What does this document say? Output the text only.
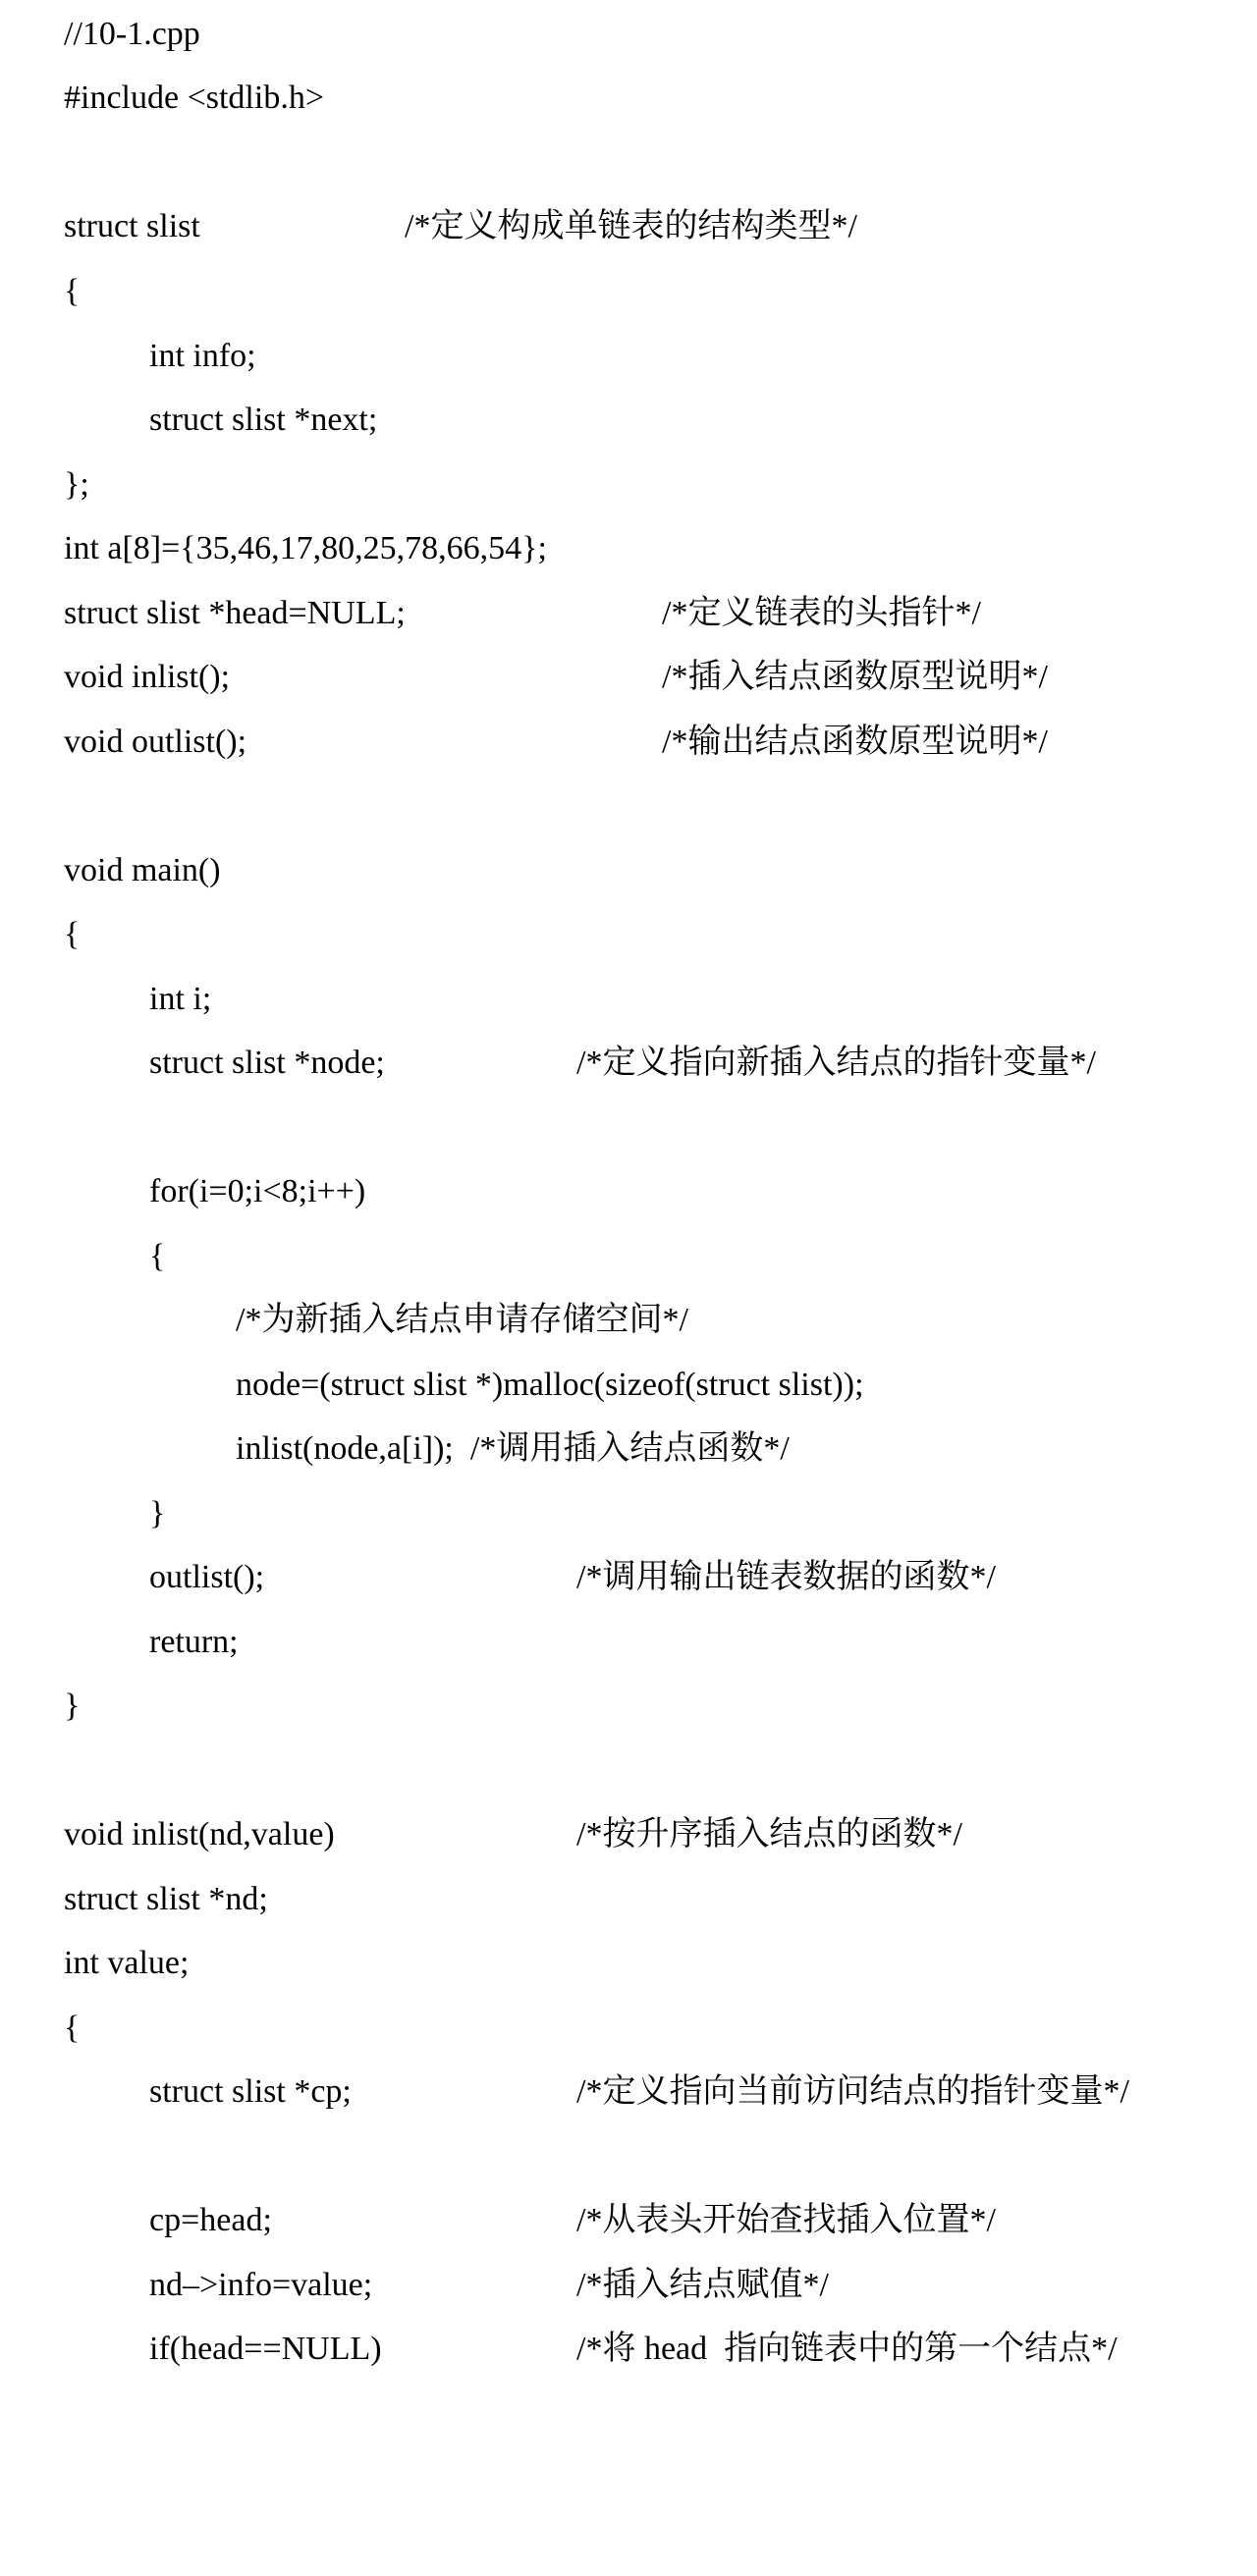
//10-1.cpp

#include <stdlib.h>

struct slist

	/*定义构成单链表的结构类型*/

{

int info;

struct slist *next;

};

int a[8]={35,46,17,80,25,78,66,54};

struct slist *head=NULL;

	/*定义链表的头指针*/

void inlist();

	/*插入结点函数原型说明*/

void outlist();

	/*输出结点函数原型说明*/

void main()

{

int i;

struct slist *node;

	/*定义指向新插入结点的指针变量*/

for(i=0;i<8;i++)

{

/*为新插入结点申请存储空间*/

node=(struct slist *)malloc(sizeof(struct slist));

inlist(node,a[i]);  /*调用插入结点函数*/

}

outlist();

	/*调用输出链表数据的函数*/

return;

}

void inlist(nd,value)

	/*按升序插入结点的函数*/

struct slist *nd;

int value;

{

struct slist *cp;

	/*定义指向当前访问结点的指针变量*/

cp=head;

	/*从表头开始查找插入位置*/

nd–>info=value;

	/*插入结点赋值*/

if(head==NULL)

	/*将 head  指向链表中的第一个结点*/
